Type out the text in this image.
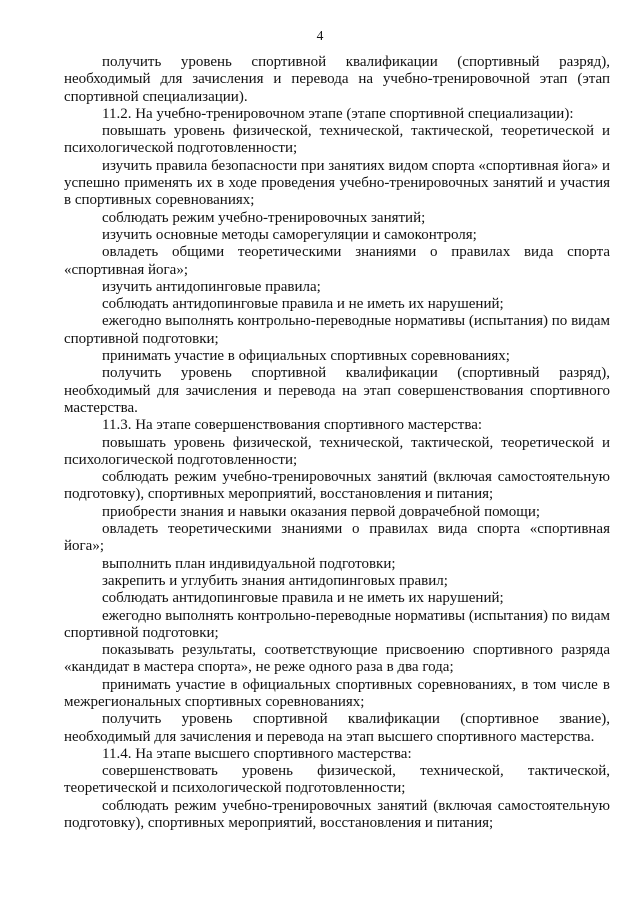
4

получить уровень спортивной квалификации (спортивный разряд), необходимый для зачисления и перевода на учебно-тренировочной этап (этап спортивной специализации).

11.2. На учебно-тренировочном этапе (этапе спортивной специализации):

повышать уровень физической, технической, тактической, теоретической и психологической подготовленности;

изучить правила безопасности при занятиях видом спорта «спортивная йога» и успешно применять их в ходе проведения учебно-тренировочных занятий и участия в спортивных соревнованиях;

соблюдать режим учебно-тренировочных занятий;

изучить основные методы саморегуляции и самоконтроля;

овладеть общими теоретическими знаниями о правилах вида спорта «спортивная йога»;

изучить антидопинговые правила;

соблюдать антидопинговые правила и не иметь их нарушений;

ежегодно выполнять контрольно-переводные нормативы (испытания) по видам спортивной подготовки;

принимать участие в официальных спортивных соревнованиях;

получить уровень спортивной квалификации (спортивный разряд), необходимый для зачисления и перевода на этап совершенствования спортивного мастерства.

11.3. На этапе совершенствования спортивного мастерства:

повышать уровень физической, технической, тактической, теоретической и психологической подготовленности;

соблюдать режим учебно-тренировочных занятий (включая самостоятельную подготовку), спортивных мероприятий, восстановления и питания;

приобрести знания и навыки оказания первой доврачебной помощи;

овладеть теоретическими знаниями о правилах вида спорта «спортивная йога»;

выполнить план индивидуальной подготовки;

закрепить и углубить знания антидопинговых правил;

соблюдать антидопинговые правила и не иметь их нарушений;

ежегодно выполнять контрольно-переводные нормативы (испытания) по видам спортивной подготовки;

показывать результаты, соответствующие присвоению спортивного разряда «кандидат в мастера спорта», не реже одного раза в два года;

принимать участие в официальных спортивных соревнованиях, в том числе в межрегиональных спортивных соревнованиях;

получить уровень спортивной квалификации (спортивное звание), необходимый для зачисления и перевода на этап высшего спортивного мастерства.

11.4. На этапе высшего спортивного мастерства:

совершенствовать уровень физической, технической, тактической, теоретической и психологической подготовленности;

соблюдать режим учебно-тренировочных занятий (включая самостоятельную подготовку), спортивных мероприятий, восстановления и питания;
